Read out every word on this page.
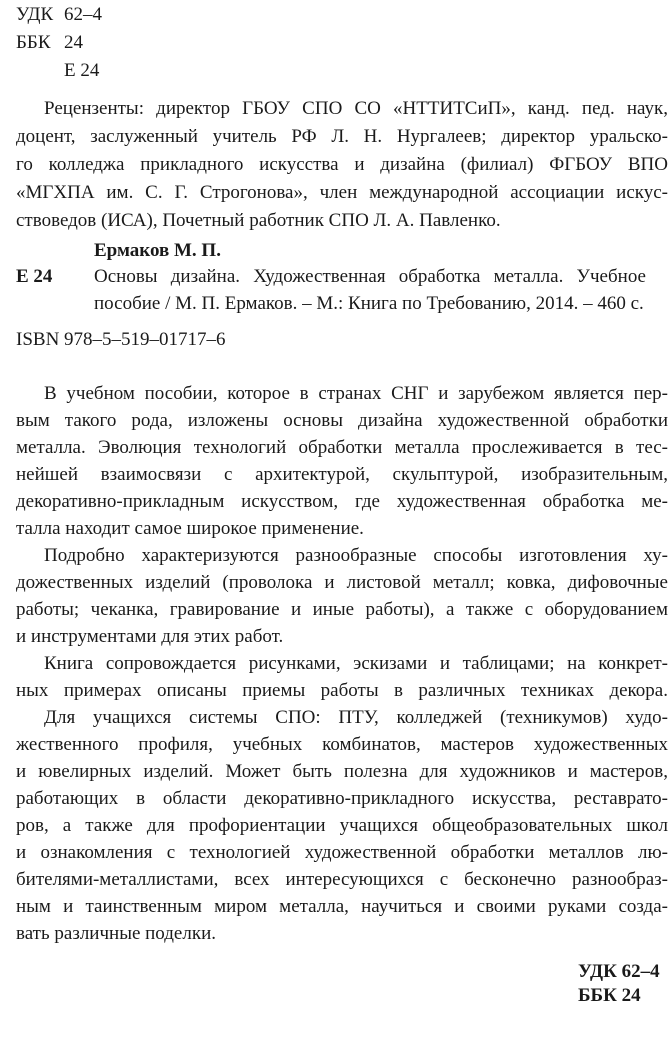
УДК 62–4
ББК 24
Е 24
Рецензенты: директор ГБОУ СПО СО «НТТИТСиП», канд. пед. наук,
доцент, заслуженный учитель РФ Л. Н. Нургалеев; директор уральско-
го колледжа прикладного искусства и дизайна (филиал) ФГБОУ ВПО
«МГХПА им. С. Г. Строгонова», член международной ассоциации искус-
ствоведов (ИСА), Почетный работник СПО Л. А. Павленко.
Ермаков М. П.
Е 24 Основы дизайна. Художественная обработка металла. Учебное
пособие / М. П. Ермаков. – М.: Книга по Требованию, 2014. – 460 с.
ISBN 978–5–519–01717–6
В учебном пособии, которое в странах СНГ и зарубежом является пер-
вым такого рода, изложены основы дизайна художественной обработки
металла. Эволюция технологий обработки металла прослеживается в тес-
нейшей взаимосвязи с архитектурой, скульптурой, изобразительным,
декоративно-прикладным искусством, где художественная обработка ме-
талла находит самое широкое применение.
Подробно характеризуются разнообразные способы изготовления ху-
дожественных изделий (проволока и листовой металл; ковка, дифовочные
работы; чеканка, гравирование и иные работы), а также с оборудованием
и инструментами для этих работ.
Книга сопровождается рисунками, эскизами и таблицами; на конкрет-
ных примерах описаны приемы работы в различных техниках декора.
Для учащихся системы СПО: ПТУ, колледжей (техникумов) худо-
жественного профиля, учебных комбинатов, мастеров художественных
и ювелирных изделий. Может быть полезна для художников и мастеров,
работающих в области декоративно-прикладного искусства, реставрато-
ров, а также для профориентации учащихся общеобразовательных школ
и ознакомления с технологией художественной обработки металлов лю-
бителями-металлистами, всех интересующихся с бесконечно разнообраз-
ным и таинственным миром металла, научиться и своими руками созда-
вать различные поделки.
УДК 62–4
ББК 24
